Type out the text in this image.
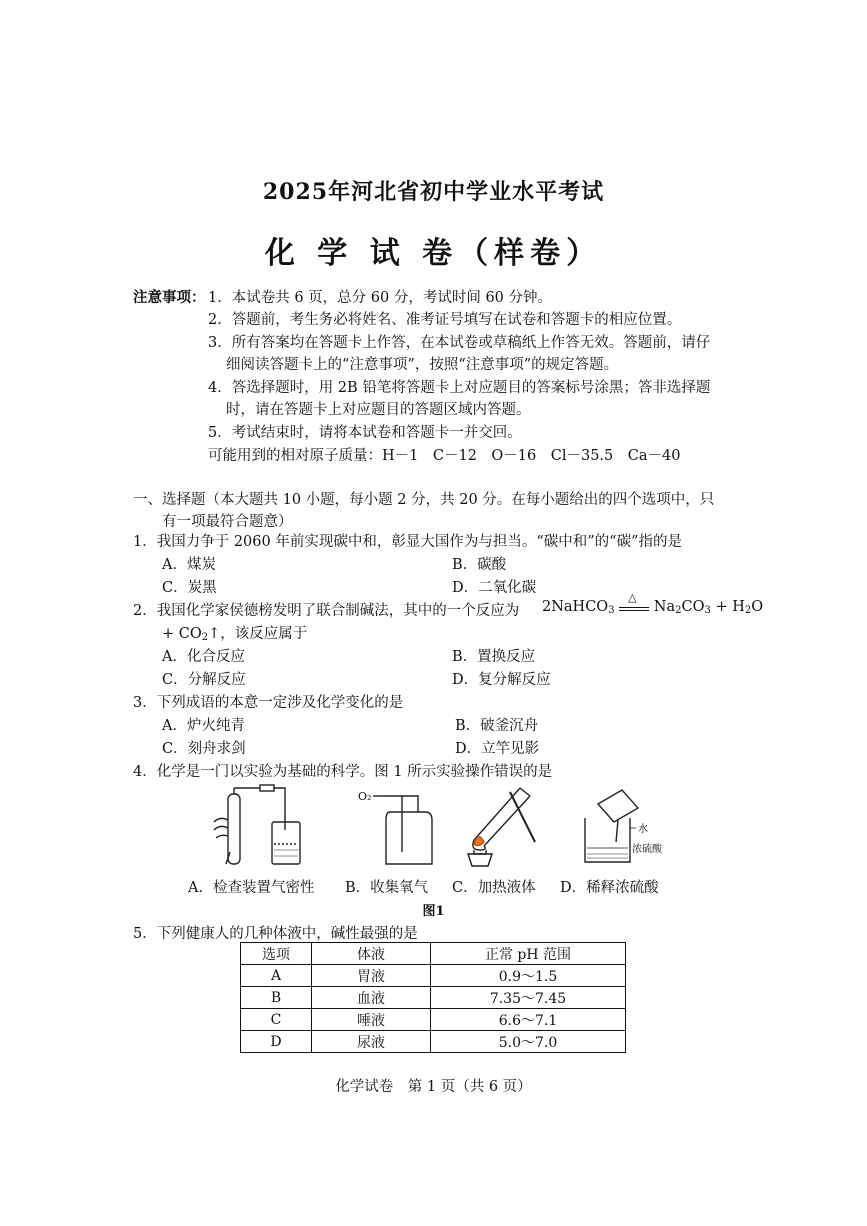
2025年河北省初中学业水平考试
化 学 试 卷（样卷）
注意事项： 1．本试卷共 6 页，总分 60 分，考试时间 60 分钟。
2．答题前，考生务必将姓名、准考证号填写在试卷和答题卡的相应位置。
3．所有答案均在答题卡上作答，在本试卷或草稿纸上作答无效。答题前，请仔
细阅读答题卡上的“注意事项”，按照“注意事项”的规定答题。
4．答选择题时，用 2B 铅笔将答题卡上对应题目的答案标号涂黑；答非选择题
时，请在答题卡上对应题目的答题区域内答题。
5．考试结束时，请将本试卷和答题卡一并交回。
可能用到的相对原子质量：H－1　C－12　O－16　Cl－35.5　Ca－40
一、选择题（本大题共 10 小题，每小题 2 分，共 20 分。在每小题给出的四个选项中，只
有一项最符合题意）
1．我国力争于 2060 年前实现碳中和，彰显大国作为与担当。“碳中和”的“碳”指的是
A．煤炭	B．碳酸
C．炭黑	D．二氧化碳
2．我国化学家侯德榜发明了联合制碱法，其中的一个反应为 2NaHCO$_3$
△
$Na_2CO_3 + H_2O$
+ $CO_2↑$，该反应属于
A．化合反应	B．置换反应
C．分解反应	D．复分解反应
3．下列成语的本意一定涉及化学变化的是
A．炉火纯青	B．破釜沉舟
C．刻舟求剑	D．立竿见影
4．化学是一门以实验为基础的科学。图 1 所示实验操作错误的是
O₂
水
浓硫酸
A．检查装置气密性 B．收集氧气 C．加热液体 D．稀释浓硫酸
图1
5．下列健康人的几种体液中，碱性最强的是
选项	体液	正常 pH 范围
A	胃液	0.9～1.5
B	血液	7.35～7.45
C	唾液	6.6～7.1
D	尿液	5.0～7.0
化学试卷　第 1 页（共 6 页）
